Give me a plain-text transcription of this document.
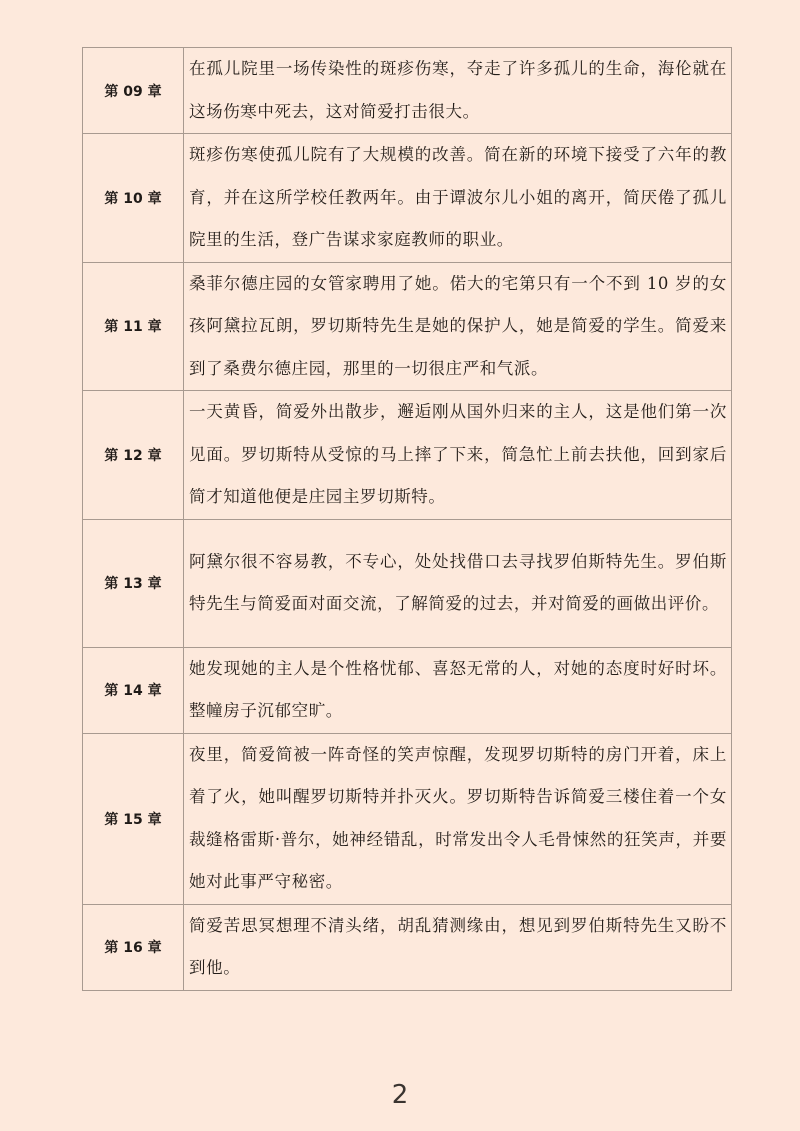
第 09 章	在孤儿院里一场传染性的斑疹伤寒，夺走了许多孤儿的生命，海伦就在这场伤寒中死去，这对简爱打击很大。
第 10 章	斑疹伤寒使孤儿院有了大规模的改善。简在新的环境下接受了六年的教育，并在这所学校任教两年。由于谭波尔儿小姐的离开，简厌倦了孤儿院里的生活，登广告谋求家庭教师的职业。
第 11 章	桑菲尔德庄园的女管家聘用了她。偌大的宅第只有一个不到 10 岁的女孩阿黛拉瓦朗，罗切斯特先生是她的保护人，她是简爱的学生。简爱来到了桑费尔德庄园，那里的一切很庄严和气派。
第 12 章	一天黄昏，简爱外出散步，邂逅刚从国外归来的主人，这是他们第一次见面。罗切斯特从受惊的马上摔了下来，简急忙上前去扶他，回到家后简才知道他便是庄园主罗切斯特。
第 13 章	阿黛尔很不容易教，不专心，处处找借口去寻找罗伯斯特先生。罗伯斯特先生与简爱面对面交流，了解简爱的过去，并对简爱的画做出评价。
第 14 章	她发现她的主人是个性格忧郁、喜怒无常的人，对她的态度时好时坏。整幢房子沉郁空旷。
第 15 章	夜里，简爱简被一阵奇怪的笑声惊醒，发现罗切斯特的房门开着，床上着了火，她叫醒罗切斯特并扑灭火。罗切斯特告诉简爱三楼住着一个女裁缝格雷斯·普尔，她神经错乱，时常发出令人毛骨悚然的狂笑声，并要她对此事严守秘密。
第 16 章	简爱苦思冥想理不清头绪，胡乱猜测缘由，想见到罗伯斯特先生又盼不到他。
2
